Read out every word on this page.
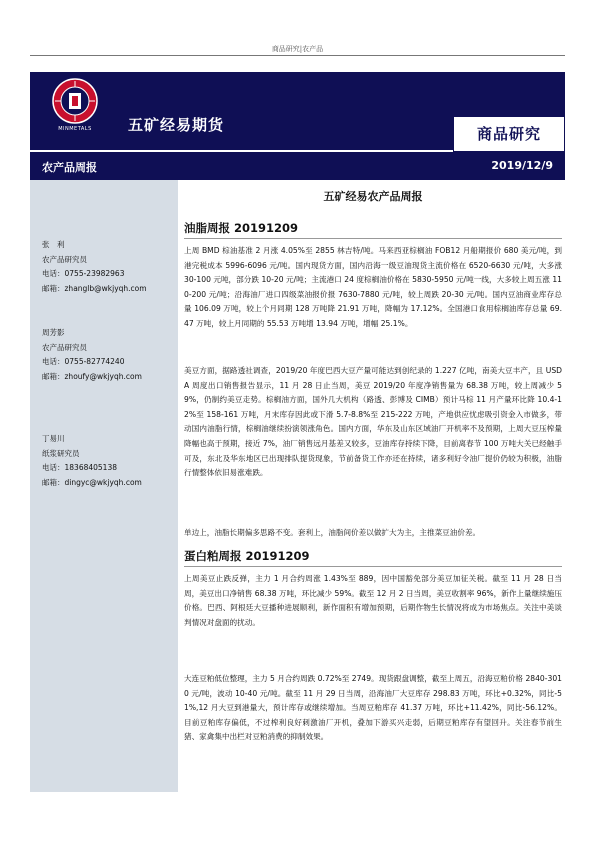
商品研究|农产品
MINMETALS	五矿经易期货	商品研究
农产品周报	2019/12/9
张　利
农产品研究员
电话：0755-23982963
邮箱：zhanglb@wkjyqh.com
周芳影
农产品研究员
电话：0755-82774240
邮箱：zhoufy@wkjyqh.com
丁易川
纸浆研究员
电话：18368405138
邮箱：dingyc@wkjyqh.com
五矿经易农产品周报
油脂周报 20191209
上周 BMD 棕油基准 2 月涨 4.05%至 2855 林吉特/吨。马来西亚棕榈油 FOB12 月船期报价 680 美元/吨，到港完税成本 5996-6096 元/吨。国内现货方面，国内沿海一级豆油现货主流价格在 6520-6630 元/吨，大多涨 30-100 元吨，部分跌 10-20 元/吨；主流港口 24 度棕榈油价格在 5830-5950 元/吨一线，大多较上周五涨 110-200 元/吨；沿海油厂进口四级菜油报价报 7630-7880 元/吨，较上周跌 20-30 元/吨。国内豆油商业库存总量 106.09 万吨，较上个月同期 128 万吨降 21.91 万吨，降幅为 17.12%。全国港口食用棕榈油库存总量 69.47 万吨，较上月同期的 55.53 万吨增 13.94 万吨，增幅 25.1%。
美豆方面，据路透社调查，2019/20 年度巴西大豆产量可能达到创纪录的 1.227 亿吨，南美大豆丰产，且 USDA 周度出口销售报告显示，11 月 28 日止当周，美豆 2019/20 年度净销售量为 68.38 万吨，较上周减少 59%，仍制约美豆走势。棕榈油方面，国外几大机构（路透、彭博及 CIMB）预计马棕 11 月产量环比降 10.4-12%至 158-161 万吨，月末库存因此或下滑 5.7-8.8%至 215-222 万吨，产地供应忧虑吸引资金入市做多，带动国内油脂行情，棕榈油继续扮演领涨角色。国内方面，华东及山东区域油厂开机率不及预期，上周大豆压榨量降幅也高于预期，接近 7%，油厂销售远月基差又较多，豆油库存持续下降，目前离春节 100 万吨大关已经触手可及，东北及华东地区已出现排队提货现象，节前备货工作亦还在持续，诸多利好令油厂提价仍较为积极，油脂行情整体依旧易涨难跌。
单边上，油脂长期偏多思路不变。套利上，油脂间价差以做扩大为主，主推菜豆油价差。
蛋白粕周报 20191209
上周美豆止跌反弹，主力 1 月合约周涨 1.43%至 889，因中国豁免部分美豆加征关税。截至 11 月 28 日当周，美豆出口净销售 68.38 万吨，环比减少 59%。截至 12 月 2 日当周，美豆收割率 96%，新作上量继续施压价格。巴西、阿根廷大豆播种进展顺利，新作面积有增加预期，后期作物生长情况将成为市场焦点。关注中美谈判情况对盘面的扰动。
大连豆粕低位整理，主力 5 月合约周跌 0.72%至 2749。现货跟盘调整，截至上周五，沿海豆粕价格 2840-3010 元/吨，波动 10-40 元/吨。截至 11 月 29 日当周，沿海油厂大豆库存 298.83 万吨，环比+0.32%，同比-51%,12 月大豆到港量大，预计库存或继续增加。当周豆粕库存 41.37 万吨，环比+11.42%，同比-56.12%。目前豆粕库存偏低，不过榨利良好刺激油厂开机，叠加下游买兴走弱，后期豆粕库存有望回升。关注春节前生猪、家禽集中出栏对豆粕消费的抑制效果。
